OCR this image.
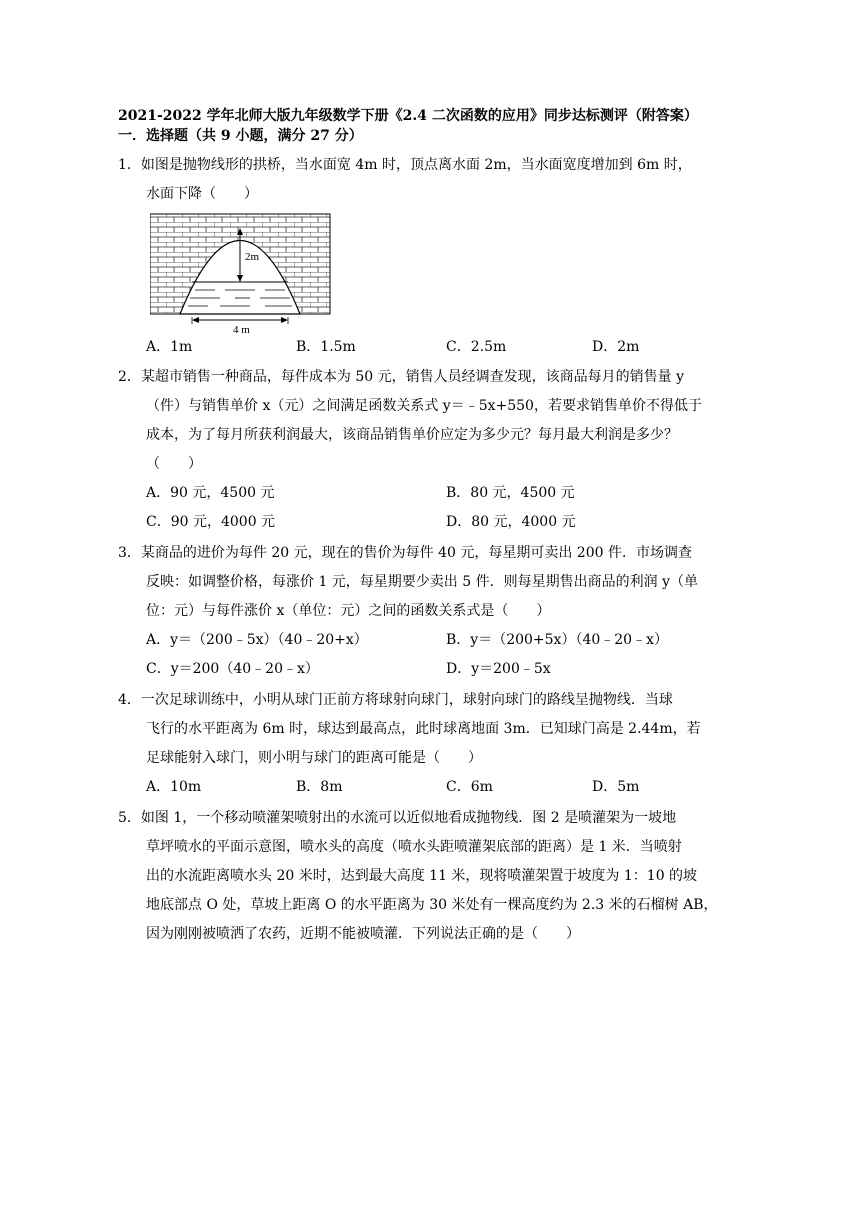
2021-2022 学年北师大版九年级数学下册《2.4 二次函数的应用》同步达标测评（附答案）
一．选择题（共 9 小题，满分 27 分）
1．如图是抛物线形的拱桥，当水面宽 4m 时，顶点离水面 2m，当水面宽度增加到 6m 时，
水面下降（　　）
2m
4 m
A．1m	B．1.5m	C．2.5m	D．2m
2．某超市销售一种商品，每件成本为 50 元，销售人员经调查发现，该商品每月的销售量 y
（件）与销售单价 x（元）之间满足函数关系式 y＝﹣5x+550，若要求销售单价不得低于
成本，为了每月所获利润最大，该商品销售单价应定为多少元？每月最大利润是多少？
（　　）
A．90 元，4500 元	B．80 元，4500 元
C．90 元，4000 元	D．80 元，4000 元
3．某商品的进价为每件 20 元，现在的售价为每件 40 元，每星期可卖出 200 件．市场调查
反映：如调整价格，每涨价 1 元，每星期要少卖出 5 件．则每星期售出商品的利润 y（单
位：元）与每件涨价 x（单位：元）之间的函数关系式是（　　）
A．y＝（200﹣5x）（40﹣20+x）	B．y＝（200+5x）（40﹣20﹣x）
C．y＝200（40﹣20﹣x）	D．y＝200﹣5x
4．一次足球训练中，小明从球门正前方将球射向球门，球射向球门的路线呈抛物线．当球
飞行的水平距离为 6m 时，球达到最高点，此时球离地面 3m．已知球门高是 2.44m，若
足球能射入球门，则小明与球门的距离可能是（　　）
A．10m	B．8m	C．6m	D．5m
5．如图 1，一个移动喷灌架喷射出的水流可以近似地看成抛物线．图 2 是喷灌架为一坡地
草坪喷水的平面示意图，喷水头的高度（喷水头距喷灌架底部的距离）是 1 米．当喷射
出的水流距离喷水头 20 米时，达到最大高度 11 米，现将喷灌架置于坡度为 1：10 的坡
地底部点 O 处，草坡上距离 O 的水平距离为 30 米处有一棵高度约为 2.3 米的石榴树 AB，
因为刚刚被喷洒了农药，近期不能被喷灌．下列说法正确的是（　　）
